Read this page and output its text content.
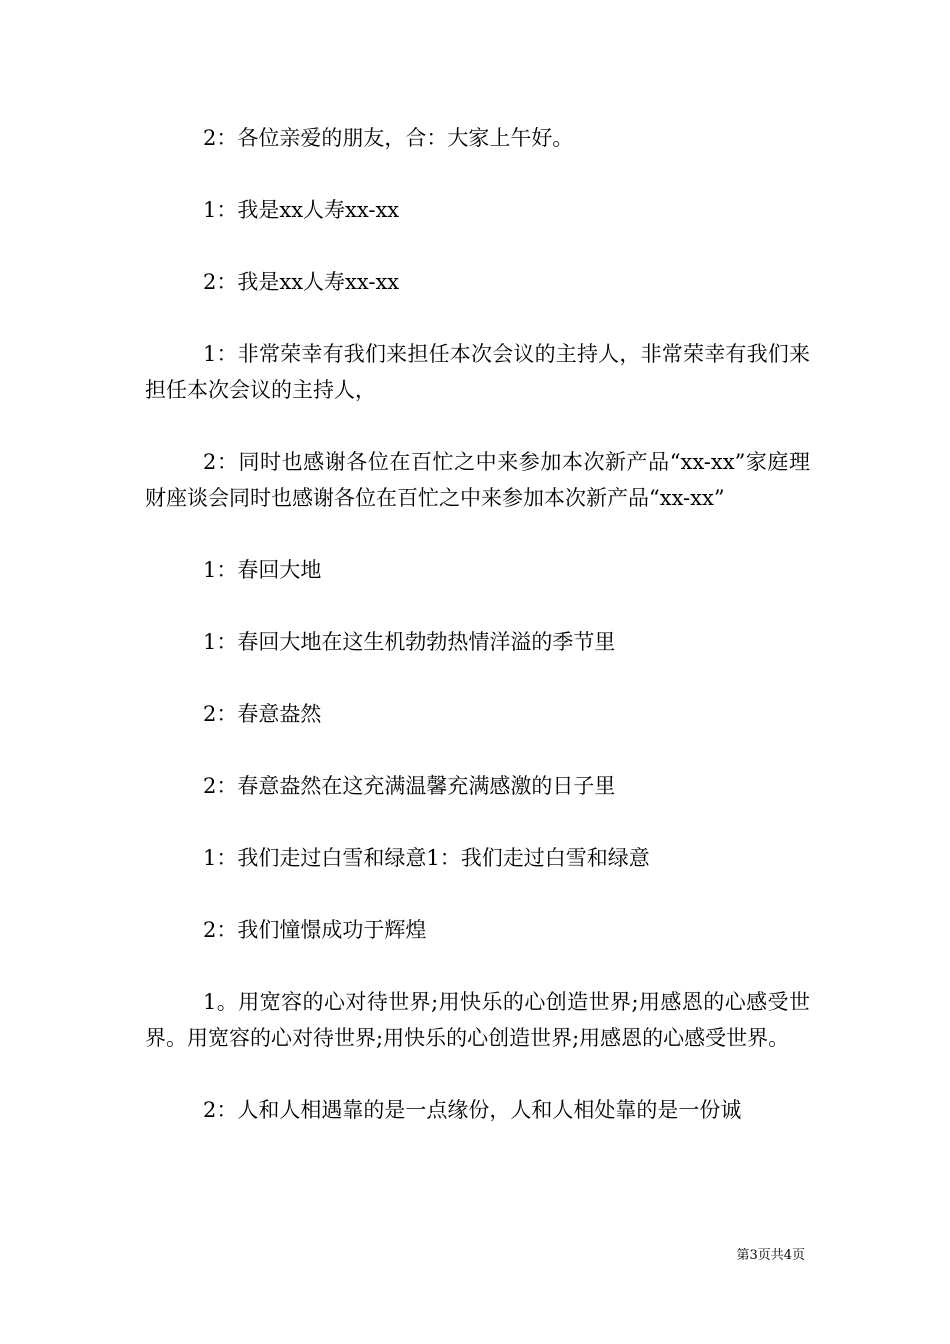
2：各位亲爱的朋友，合：大家上午好。

1：我是xx人寿xx-xx

2：我是xx人寿xx-xx

1：非常荣幸有我们来担任本次会议的主持人，非常荣幸有我们来担任本次会议的主持人，

2：同时也感谢各位在百忙之中来参加本次新产品“xx-xx”家庭理财座谈会同时也感谢各位在百忙之中来参加本次新产品“xx-xx”

1：春回大地

1：春回大地在这生机勃勃热情洋溢的季节里

2：春意盎然

2：春意盎然在这充满温馨充满感激的日子里

1：我们走过白雪和绿意1：我们走过白雪和绿意

2：我们憧憬成功于辉煌

1。用宽容的心对待世界;用快乐的心创造世界;用感恩的心感受世界。用宽容的心对待世界;用快乐的心创造世界;用感恩的心感受世界。

2：人和人相遇靠的是一点缘份，人和人相处靠的是一份诚

第3页共4页
